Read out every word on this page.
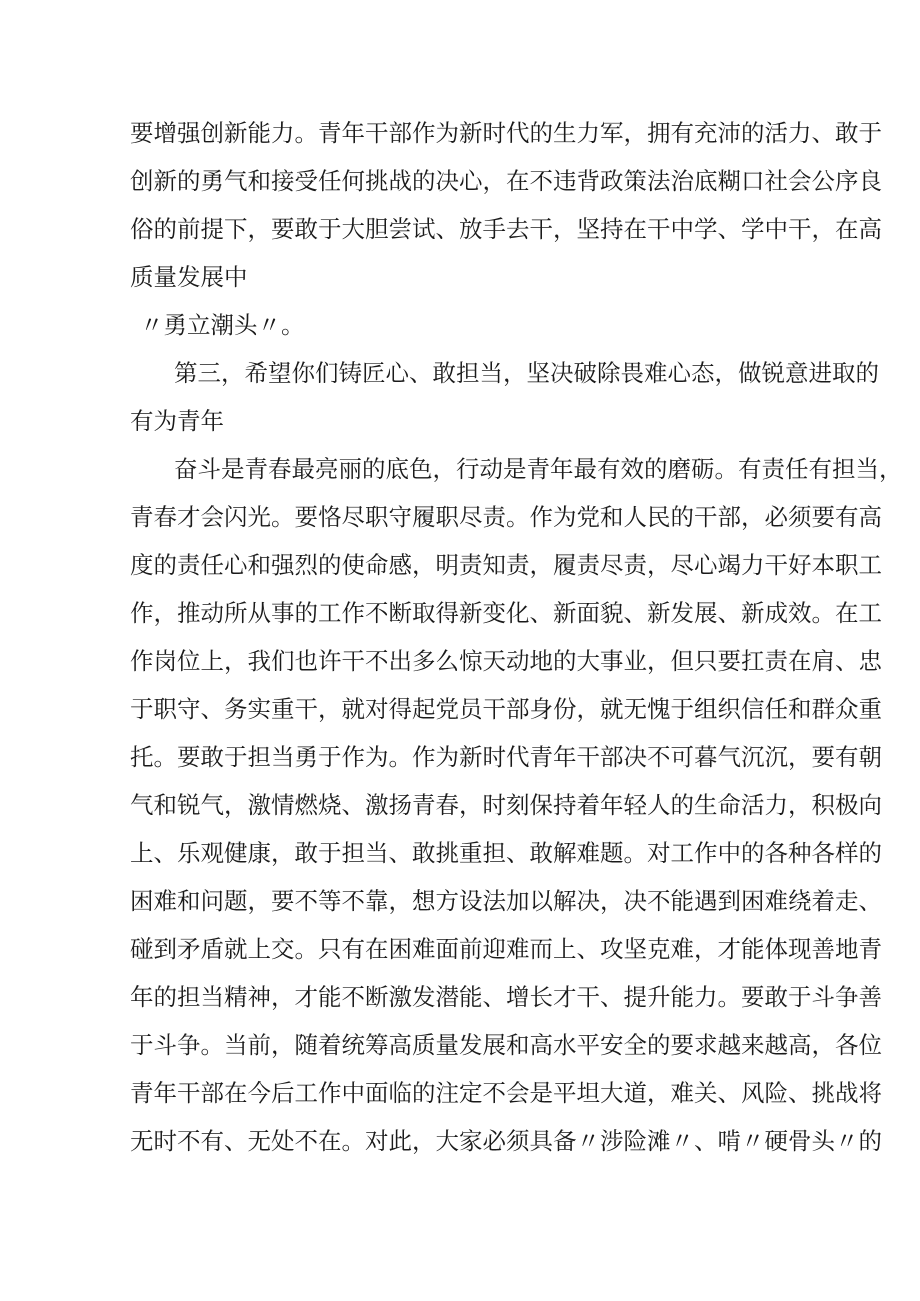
要增强创新能力。青年干部作为新时代的生力军，拥有充沛的活力、敢于
创新的勇气和接受任何挑战的决心，在不违背政策法治底糊口社会公序良
俗的前提下，要敢于大胆尝试、放手去干，坚持在干中学、学中干，在高
质量发展中
〃勇立潮头〃。
第三，希望你们铸匠心、敢担当，坚决破除畏难心态，做锐意进取的
有为青年
奋斗是青春最亮丽的底色，行动是青年最有效的磨砺。有责任有担当，
青春才会闪光。要恪尽职守履职尽责。作为党和人民的干部，必须要有高
度的责任心和强烈的使命感，明责知责，履责尽责，尽心竭力干好本职工
作，推动所从事的工作不断取得新变化、新面貌、新发展、新成效。在工
作岗位上，我们也许干不出多么惊天动地的大事业，但只要扛责在肩、忠
于职守、务实重干，就对得起党员干部身份，就无愧于组织信任和群众重
托。要敢于担当勇于作为。作为新时代青年干部决不可暮气沉沉，要有朝
气和锐气，激情燃烧、激扬青春，时刻保持着年轻人的生命活力，积极向
上、乐观健康，敢于担当、敢挑重担、敢解难题。对工作中的各种各样的
困难和问题，要不等不靠，想方设法加以解决，决不能遇到困难绕着走、
碰到矛盾就上交。只有在困难面前迎难而上、攻坚克难，才能体现善地青
年的担当精神，才能不断激发潜能、增长才干、提升能力。要敢于斗争善
于斗争。当前，随着统筹高质量发展和高水平安全的要求越来越高，各位
青年干部在今后工作中面临的注定不会是平坦大道，难关、风险、挑战将
无时不有、无处不在。对此，大家必须具备〃涉险滩〃、啃〃硬骨头〃的
